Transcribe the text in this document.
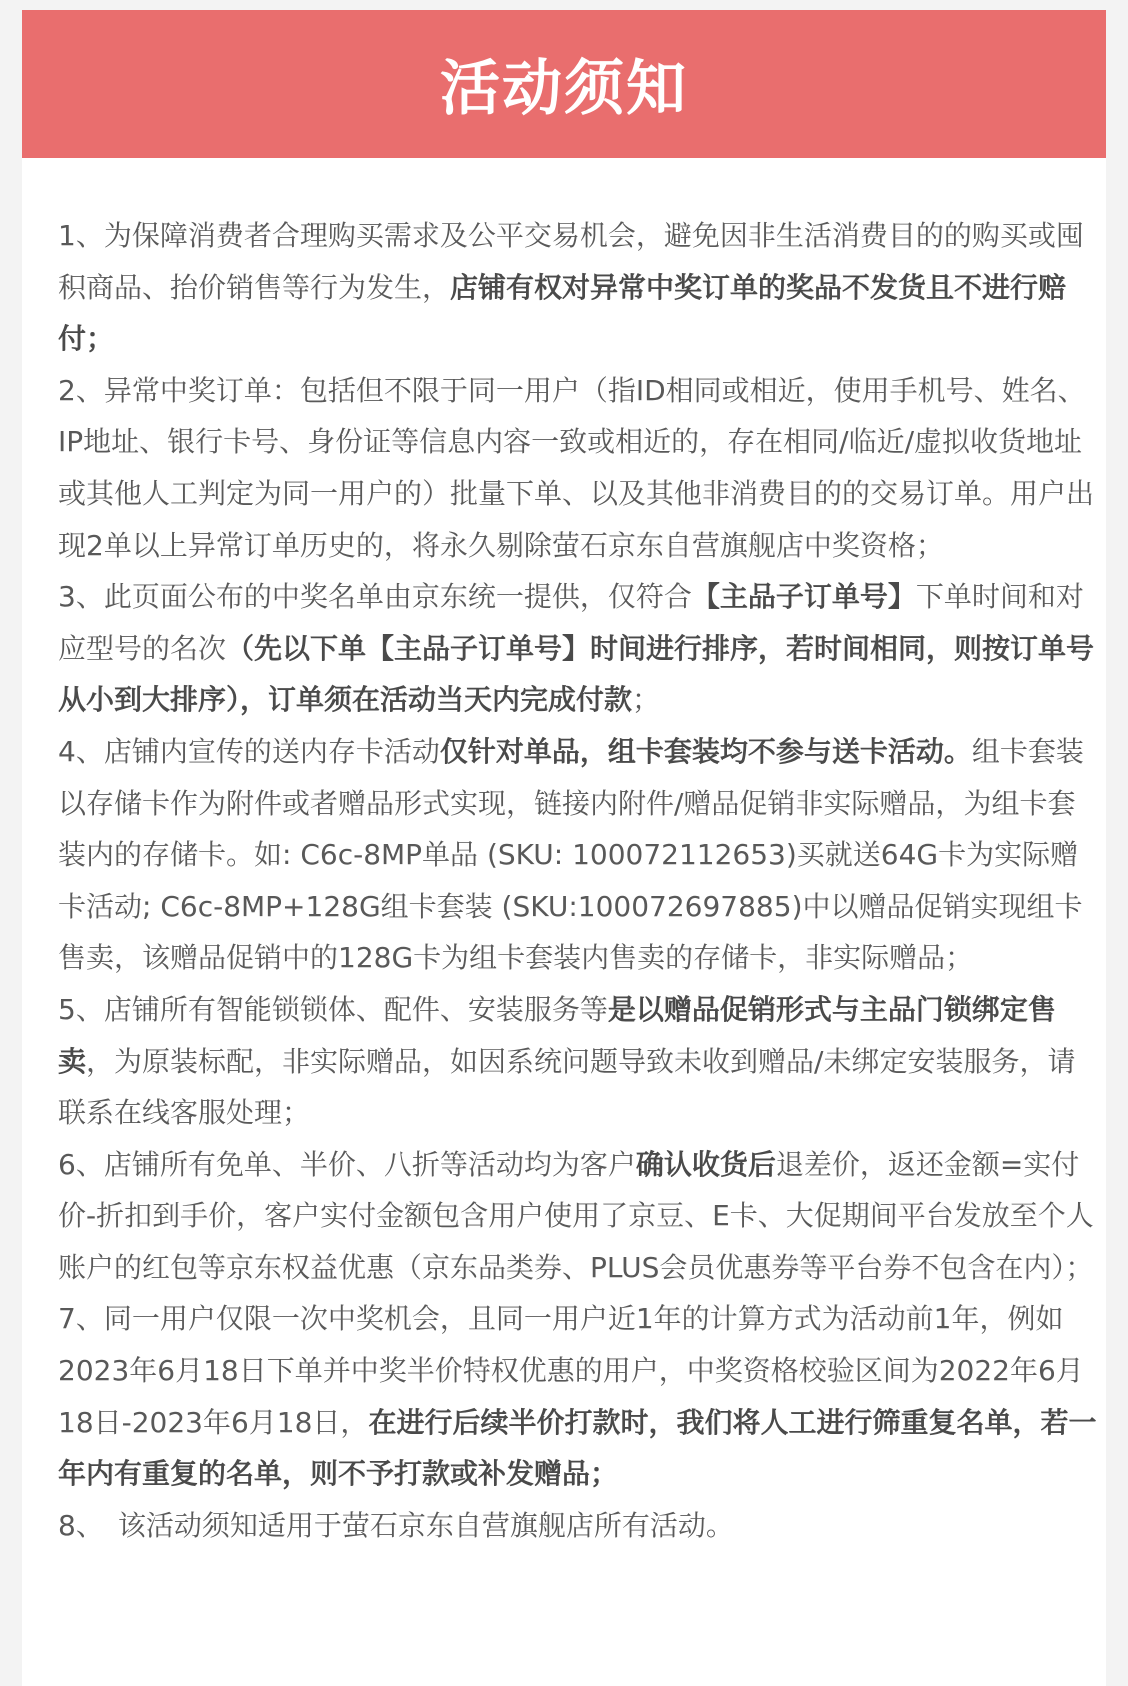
活动须知

1、为保障消费者合理购买需求及公平交易机会，避免因非生活消费目的的购买或囤积商品、抬价销售等行为发生，店铺有权对异常中奖订单的奖品不发货且不进行赔付；

2、异常中奖订单：包括但不限于同一用户（指ID相同或相近，使用手机号、姓名、IP地址、银行卡号、身份证等信息内容一致或相近的，存在相同/临近/虚拟收货地址或其他人工判定为同一用户的）批量下单、以及其他非消费目的的交易订单。用户出现2单以上异常订单历史的，将永久剔除萤石京东自营旗舰店中奖资格；

3、此页面公布的中奖名单由京东统一提供，仅符合【主品子订单号】下单时间和对应型号的名次（先以下单【主品子订单号】时间进行排序，若时间相同，则按订单号从小到大排序），订单须在活动当天内完成付款；

4、店铺内宣传的送内存卡活动仅针对单品，组卡套装均不参与送卡活动。组卡套装以存储卡作为附件或者赠品形式实现，链接内附件/赠品促销非实际赠品，为组卡套装内的存储卡。如: C6c-8MP单品 (SKU: 100072112653)买就送64G卡为实际赠卡活动; C6c-8MP+128G组卡套装 (SKU:100072697885)中以赠品促销实现组卡售卖，该赠品促销中的128G卡为组卡套装内售卖的存储卡，非实际赠品；

5、店铺所有智能锁锁体、配件、安装服务等是以赠品促销形式与主品门锁绑定售卖，为原装标配，非实际赠品，如因系统问题导致未收到赠品/未绑定安装服务，请联系在线客服处理；

6、店铺所有免单、半价、八折等活动均为客户确认收货后退差价，返还金额=实付价-折扣到手价，客户实付金额包含用户使用了京豆、E卡、大促期间平台发放至个人账户的红包等京东权益优惠（京东品类券、PLUS会员优惠券等平台券不包含在内）；

7、同一用户仅限一次中奖机会，且同一用户近1年的计算方式为活动前1年，例如2023年6月18日下单并中奖半价特权优惠的用户，中奖资格校验区间为2022年6月18日-2023年6月18日，在进行后续半价打款时，我们将人工进行筛重复名单，若一年内有重复的名单，则不予打款或补发赠品；

8、　该活动须知适用于萤石京东自营旗舰店所有活动。
